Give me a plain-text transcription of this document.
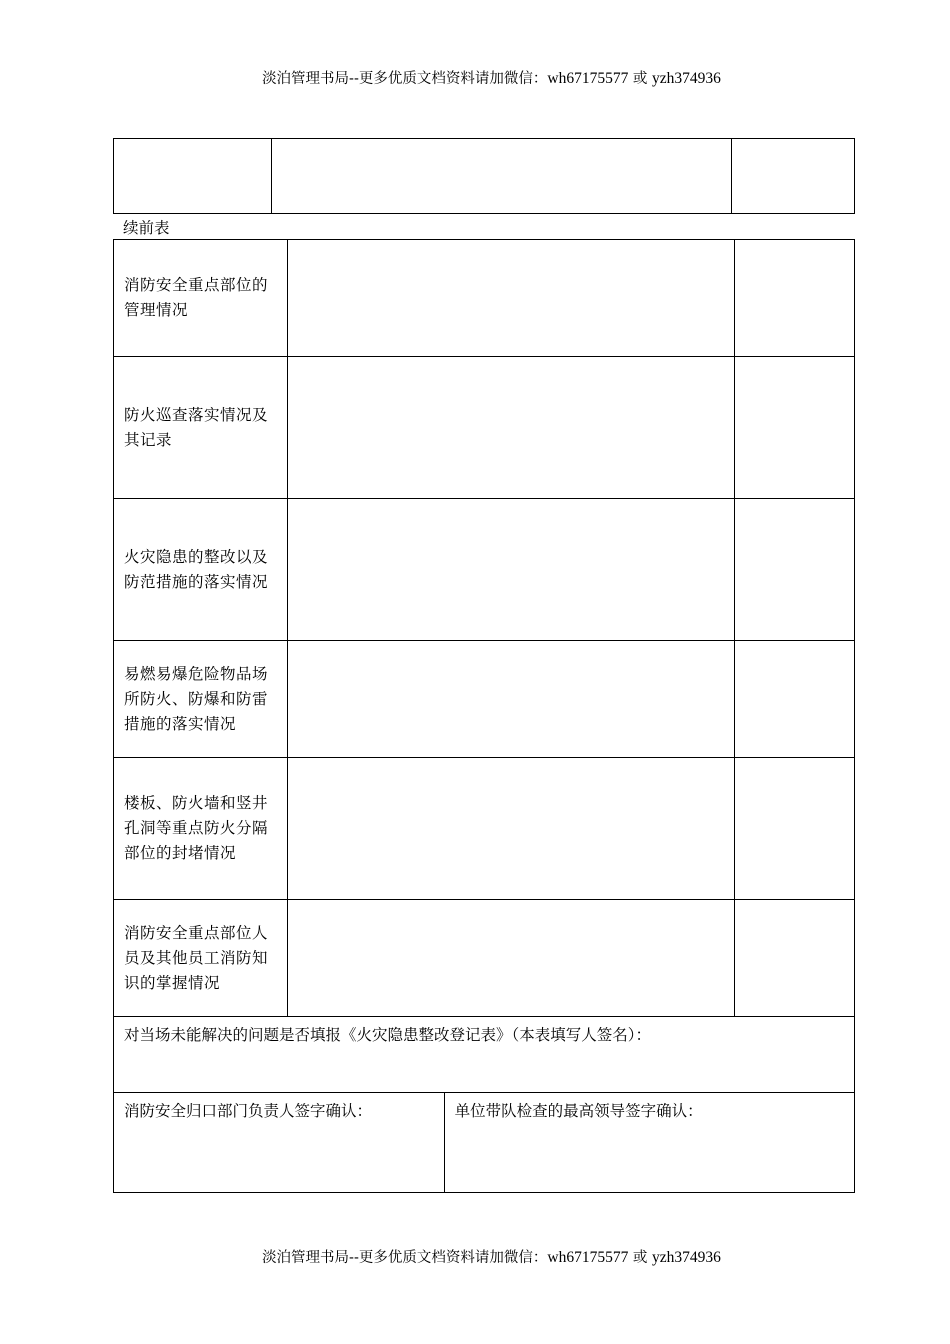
淡泊管理书局--更多优质文档资料请加微信：wh67175577 或 yzh374936

续前表
消防安全重点部位的管理情况		
防火巡查落实情况及其记录		
火灾隐患的整改以及防范措施的落实情况		
易燃易爆危险物品场所防火、防爆和防雷措施的落实情况		
楼板、防火墙和竖井孔洞等重点防火分隔部位的封堵情况		
消防安全重点部位人员及其他员工消防知识的掌握情况		
对当场未能解决的问题是否填报《火灾隐患整改登记表》（本表填写人签名）：
消防安全归口部门负责人签字确认：	单位带队检查的最高领导签字确认：
淡泊管理书局--更多优质文档资料请加微信：wh67175577 或 yzh374936
